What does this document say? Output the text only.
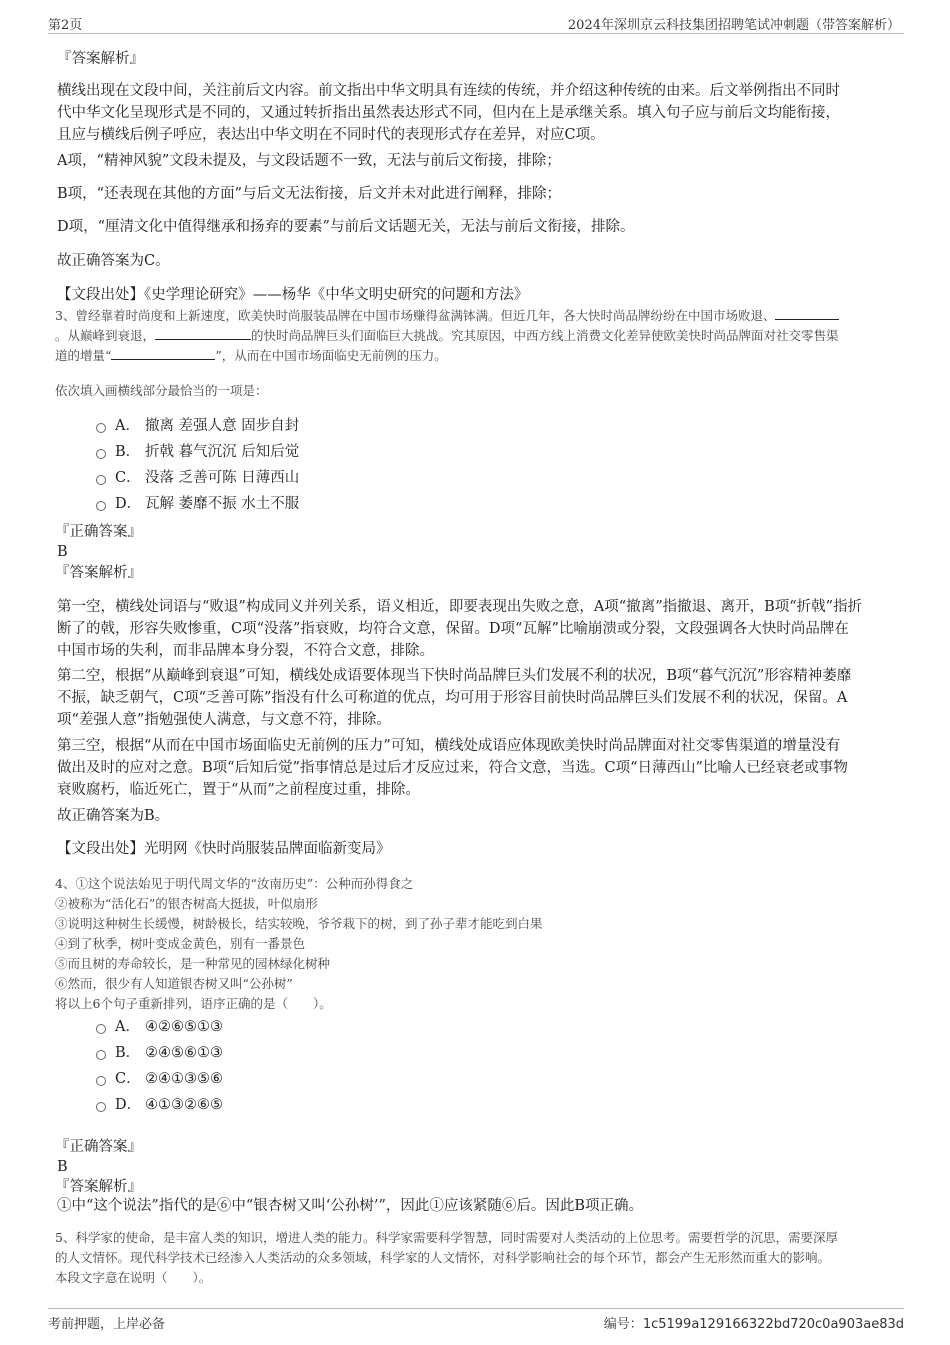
第2页	2024年深圳京云科技集团招聘笔试冲刺题（带答案解析）
『答案解析』
横线出现在文段中间，关注前后文内容。前文指出中华文明具有连续的传统，并介绍这种传统的由来。后文举例指出不同时
代中华文化呈现形式是不同的，又通过转折指出虽然表达形式不同，但内在上是承继关系。填入句子应与前后文均能衔接，
且应与横线后例子呼应，表达出中华文明在不同时代的表现形式存在差异，对应C项。
A项，“精神风貌”文段未提及，与文段话题不一致，无法与前后文衔接，排除；
B项，“还表现在其他的方面”与后文无法衔接，后文并未对此进行阐释，排除；
D项，“厘清文化中值得继承和扬弃的要素”与前后文话题无关，无法与前后文衔接，排除。
故正确答案为C。
【文段出处】《史学理论研究》——杨华《中华文明史研究的问题和方法》
3、曾经靠着时尚度和上新速度，欧美快时尚服装品牌在中国市场赚得盆满钵满。但近几年，各大快时尚品牌纷纷在中国市场败退、
。从巅峰到衰退，	的快时尚品牌巨头们面临巨大挑战。究其原因，中西方线上消费文化差异使欧美快时尚品牌面对社交零售渠
道的增量“	”，从而在中国市场面临史无前例的压力。
依次填入画横线部分最恰当的一项是：
A． 撤离 差强人意 固步自封
B． 折戟 暮气沉沉 后知后觉
C． 没落 乏善可陈 日薄西山
D． 瓦解 萎靡不振 水土不服
『正确答案』
B
『答案解析』
第一空，横线处词语与“败退”构成同义并列关系，语义相近，即要表现出失败之意，A项“撤离”指撤退、离开，B项“折戟”指折
断了的戟，形容失败惨重，C项“没落”指衰败，均符合文意，保留。D项“瓦解”比喻崩溃或分裂，文段强调各大快时尚品牌在
中国市场的失利，而非品牌本身分裂，不符合文意，排除。
第二空，根据“从巅峰到衰退”可知，横线处成语要体现当下快时尚品牌巨头们发展不利的状况，B项“暮气沉沉”形容精神萎靡
不振，缺乏朝气，C项“乏善可陈”指没有什么可称道的优点，均可用于形容目前快时尚品牌巨头们发展不利的状况，保留。A
项“差强人意”指勉强使人满意，与文意不符，排除。
第三空，根据“从而在中国市场面临史无前例的压力”可知，横线处成语应体现欧美快时尚品牌面对社交零售渠道的增量没有
做出及时的应对之意。B项“后知后觉”指事情总是过后才反应过来，符合文意，当选。C项“日薄西山”比喻人已经衰老或事物
衰败腐朽，临近死亡，置于“从而”之前程度过重，排除。
故正确答案为B。
【文段出处】光明网《快时尚服装品牌面临新变局》
4、①这个说法始见于明代周文华的“汝南历史”：公种而孙得食之
②被称为“活化石”的银杏树高大挺拔，叶似扇形
③说明这种树生长缓慢，树龄极长，结实较晚，爷爷栽下的树，到了孙子辈才能吃到白果
④到了秋季，树叶变成金黄色，别有一番景色
⑤而且树的寿命较长，是一种常见的园林绿化树种
⑥然而，很少有人知道银杏树又叫“公孙树”
将以上6个句子重新排列，语序正确的是（　　）。
A． ④②⑥⑤①③
B． ②④⑤⑥①③
C． ②④①③⑤⑥
D． ④①③②⑥⑤
『正确答案』
B
『答案解析』
①中“这个说法”指代的是⑥中“银杏树又叫‘公孙树’”，因此①应该紧随⑥后。因此B项正确。
5、科学家的使命，是丰富人类的知识，增进人类的能力。科学家需要科学智慧，同时需要对人类活动的上位思考。需要哲学的沉思，需要深厚
的人文情怀。现代科学技术已经渗入人类活动的众多领域，科学家的人文情怀，对科学影响社会的每个环节，都会产生无形然而重大的影响。
本段文字意在说明（　　）。
考前押题，上岸必备	编号：1c5199a129166322bd720c0a903ae83d
